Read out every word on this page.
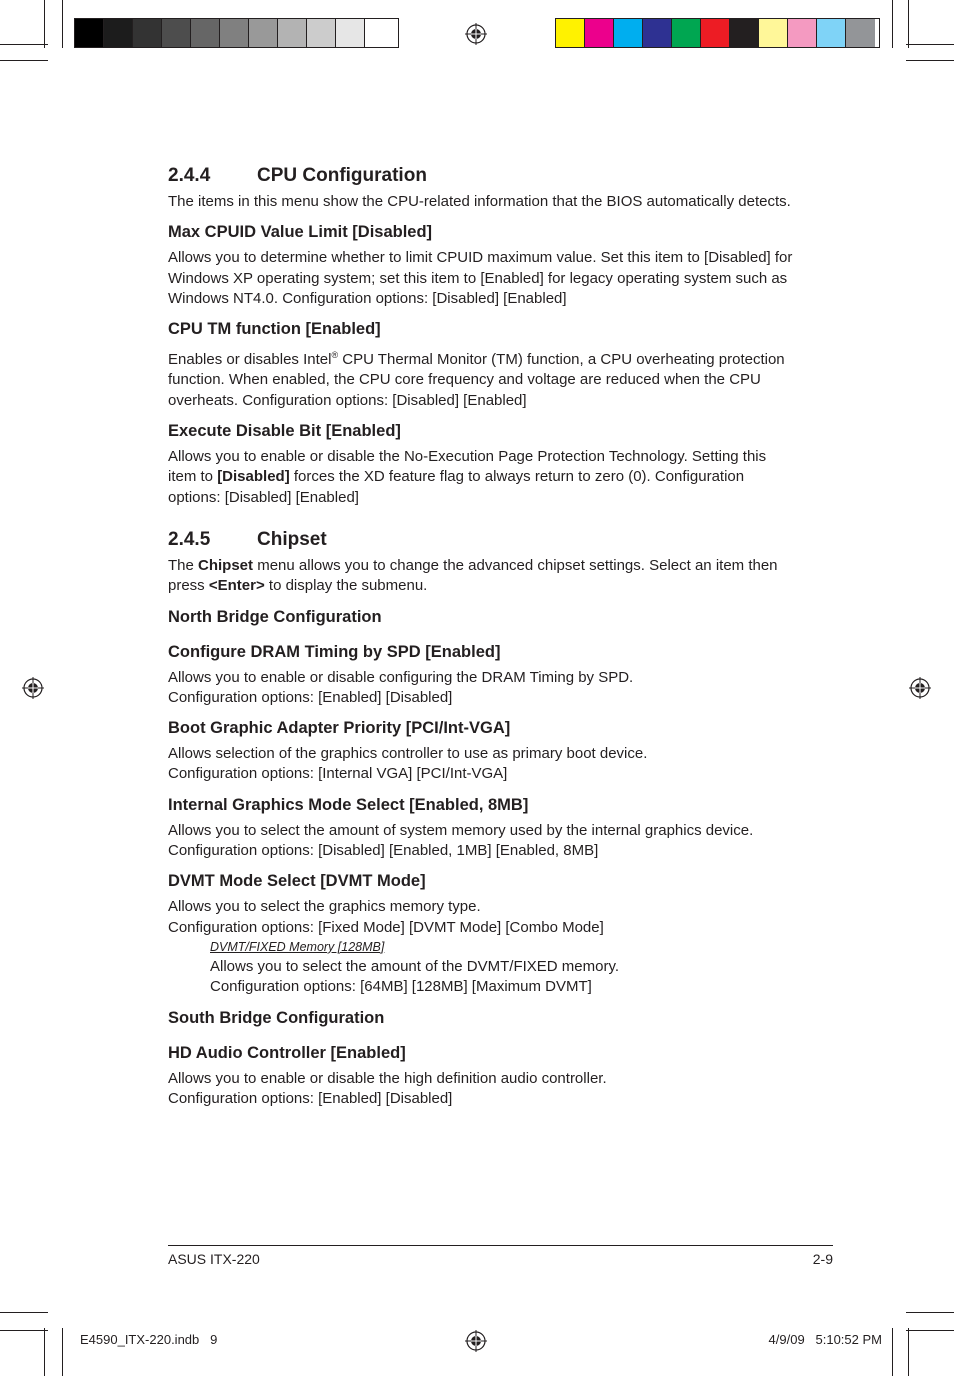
2.4.4	CPU Configuration

The items in this menu show the CPU-related information that the BIOS automatically detects.

Max CPUID Value Limit [Disabled]

Allows you to determine whether to limit CPUID maximum value. Set this item to [Disabled] for Windows XP operating system; set this item to [Enabled] for legacy operating system such as Windows NT4.0. Configuration options: [Disabled] [Enabled]

CPU TM function [Enabled]

Enables or disables Intel® CPU Thermal Monitor (TM) function, a CPU overheating protection function. When enabled, the CPU core frequency and voltage are reduced when the CPU overheats. Configuration options: [Disabled] [Enabled]

Execute Disable Bit [Enabled]

Allows you to enable or disable the No-Execution Page Protection Technology. Setting this item to [Disabled] forces the XD feature flag to always return to zero (0). Configuration options: [Disabled] [Enabled]

2.4.5	Chipset

The Chipset menu allows you to change the advanced chipset settings. Select an item then press <Enter> to display the submenu.

North Bridge Configuration
Configure DRAM Timing by SPD [Enabled]

Allows you to enable or disable configuring the DRAM Timing by SPD.

Configuration options: [Enabled] [Disabled]

Boot Graphic Adapter Priority [PCI/Int-VGA]

Allows selection of the graphics controller to use as primary boot device.

Configuration options: [Internal VGA] [PCI/Int-VGA]

Internal Graphics Mode Select [Enabled, 8MB]

Allows you to select the amount of system memory used by the internal graphics device.

Configuration options: [Disabled] [Enabled, 1MB] [Enabled, 8MB]

DVMT Mode Select [DVMT Mode]

Allows you to select the graphics memory type.

Configuration options: [Fixed Mode] [DVMT Mode] [Combo Mode]

DVMT/FIXED Memory [128MB]

Allows you to select the amount of the DVMT/FIXED memory.

Configuration options: [64MB] [128MB] [Maximum DVMT]

South Bridge Configuration
HD Audio Controller [Enabled]

Allows you to enable or disable the high definition audio controller.

Configuration options: [Enabled] [Disabled]

ASUS ITX-220	2-9
E4590_ITX-220.indb   9	4/9/09   5:10:52 PM
